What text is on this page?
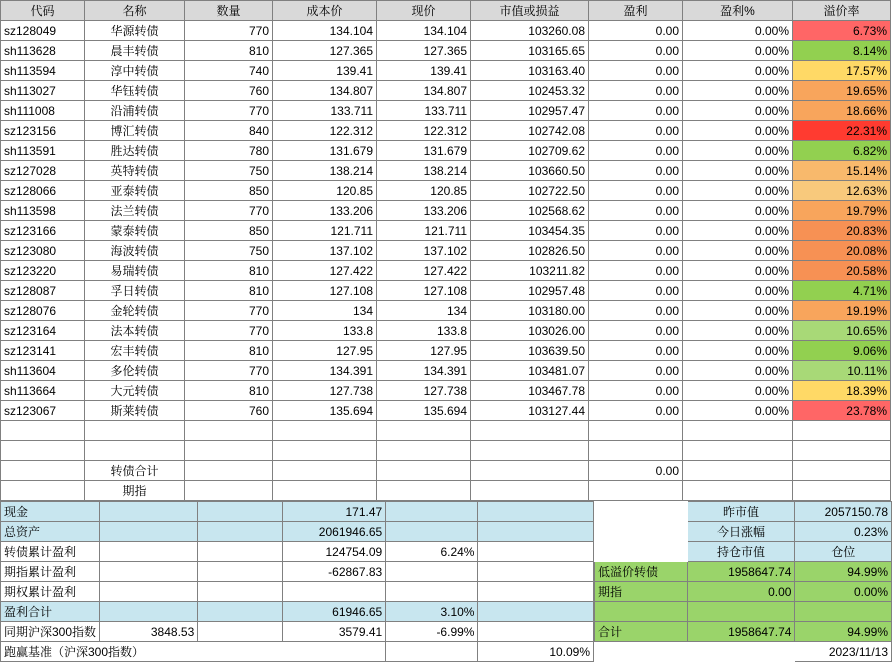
代码	名称	数量	成本价	现价	市值或损益	盈利	盈利%	溢价率
sz128049	华源转债	770	134.104	134.104	103260.08	0.00	0.00%	6.73%
sh113628	晨丰转债	810	127.365	127.365	103165.65	0.00	0.00%	8.14%
sh113594	淳中转债	740	139.41	139.41	103163.40	0.00	0.00%	17.57%
sh113027	华钰转债	760	134.807	134.807	102453.32	0.00	0.00%	19.65%
sh111008	沿浦转债	770	133.711	133.711	102957.47	0.00	0.00%	18.66%
sz123156	博汇转债	840	122.312	122.312	102742.08	0.00	0.00%	22.31%
sh113591	胜达转债	780	131.679	131.679	102709.62	0.00	0.00%	6.82%
sz127028	英特转债	750	138.214	138.214	103660.50	0.00	0.00%	15.14%
sz128066	亚泰转债	850	120.85	120.85	102722.50	0.00	0.00%	12.63%
sh113598	法兰转债	770	133.206	133.206	102568.62	0.00	0.00%	19.79%
sz123166	蒙泰转债	850	121.711	121.711	103454.35	0.00	0.00%	20.83%
sz123080	海波转债	750	137.102	137.102	102826.50	0.00	0.00%	20.08%
sz123220	易瑞转债	810	127.422	127.422	103211.82	0.00	0.00%	20.58%
sz128087	孚日转债	810	127.108	127.108	102957.48	0.00	0.00%	4.71%
sz128076	金轮转债	770	134	134	103180.00	0.00	0.00%	19.19%
sz123164	法本转债	770	133.8	133.8	103026.00	0.00	0.00%	10.65%
sz123141	宏丰转债	810	127.95	127.95	103639.50	0.00	0.00%	9.06%
sh113604	多伦转债	770	134.391	134.391	103481.07	0.00	0.00%	10.11%
sh113664	大元转债	810	127.738	127.738	103467.78	0.00	0.00%	18.39%
sz123067	斯莱转债	760	135.694	135.694	103127.44	0.00	0.00%	23.78%

	转债合计					0.00		
	期指							
现金			171.47		
总资产			2061946.65		
转债累计盈利			124754.09	6.24%	
期指累计盈利			-62867.83		
期权累计盈利					
盈利合计			61946.65	3.10%	
同期沪深300指数	3848.53		3579.41	-6.99%	
跑赢基准（沪深300指数）					10.09%
	昨市值	2057150.78
	今日涨幅	0.23%
	持仓市值	仓位
低溢价转债	1958647.74	94.99%
期指	0.00	0.00%

合计	1958647.74	94.99%
		2023/11/13
